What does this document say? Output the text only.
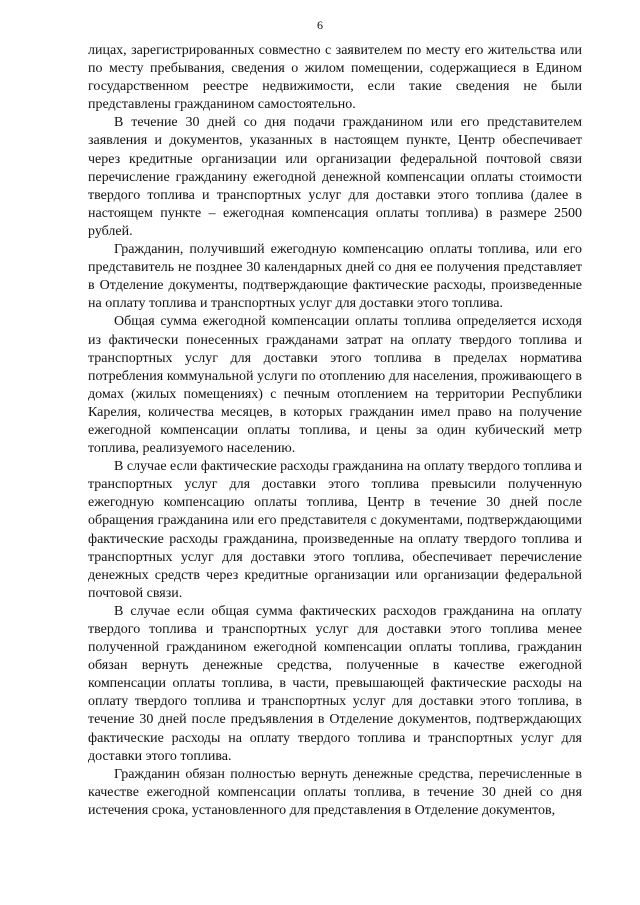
6

лицах, зарегистрированных совместно с заявителем по месту его жительства или по месту пребывания, сведения о жилом помещении, содержащиеся в Едином государственном реестре недвижимости, если такие сведения не были представлены гражданином самостоятельно.

В течение 30 дней со дня подачи гражданином или его представителем заявления и документов, указанных в настоящем пункте, Центр обеспечивает через кредитные организации или организации федеральной почтовой связи перечисление гражданину ежегодной денежной компенсации оплаты стоимости твердого топлива и транспортных услуг для доставки этого топлива (далее в настоящем пункте – ежегодная компенсация оплаты топлива) в размере 2500 рублей.

Гражданин, получивший ежегодную компенсацию оплаты топлива, или его представитель не позднее 30 календарных дней со дня ее получения представляет в Отделение документы, подтверждающие фактические расходы, произведенные на оплату топлива и транспортных услуг для доставки этого топлива.

Общая сумма ежегодной компенсации оплаты топлива определяется исходя из фактически понесенных гражданами затрат на оплату твердого топлива и транспортных услуг для доставки этого топлива в пределах норматива потребления коммунальной услуги по отоплению для населения, проживающего в домах (жилых помещениях) с печным отоплением на территории Республики Карелия, количества месяцев, в которых гражданин имел право на получение ежегодной компенсации оплаты топлива, и цены за один кубический метр топлива, реализуемого населению.

В случае если фактические расходы гражданина на оплату твердого топлива и транспортных услуг для доставки этого топлива превысили полученную ежегодную компенсацию оплаты топлива, Центр в течение 30 дней после обращения гражданина или его представителя с документами, подтверждающими фактические расходы гражданина, произведенные на оплату твердого топлива и транспортных услуг для доставки этого топлива, обеспечивает перечисление денежных средств через кредитные организации или организации федеральной почтовой связи.

В случае если общая сумма фактических расходов гражданина на оплату твердого топлива и транспортных услуг для доставки этого топлива менее полученной гражданином ежегодной компенсации оплаты топлива, гражданин обязан вернуть денежные средства, полученные в качестве ежегодной компенсации оплаты топлива, в части, превышающей фактические расходы на оплату твердого топлива и транспортных услуг для доставки этого топлива, в течение 30 дней после предъявления в Отделение документов, подтверждающих фактические расходы на оплату твердого топлива и транспортных услуг для доставки этого топлива.

Гражданин обязан полностью вернуть денежные средства, перечисленные в качестве ежегодной компенсации оплаты топлива, в течение 30 дней со дня истечения срока, установленного для представления в Отделение документов,
